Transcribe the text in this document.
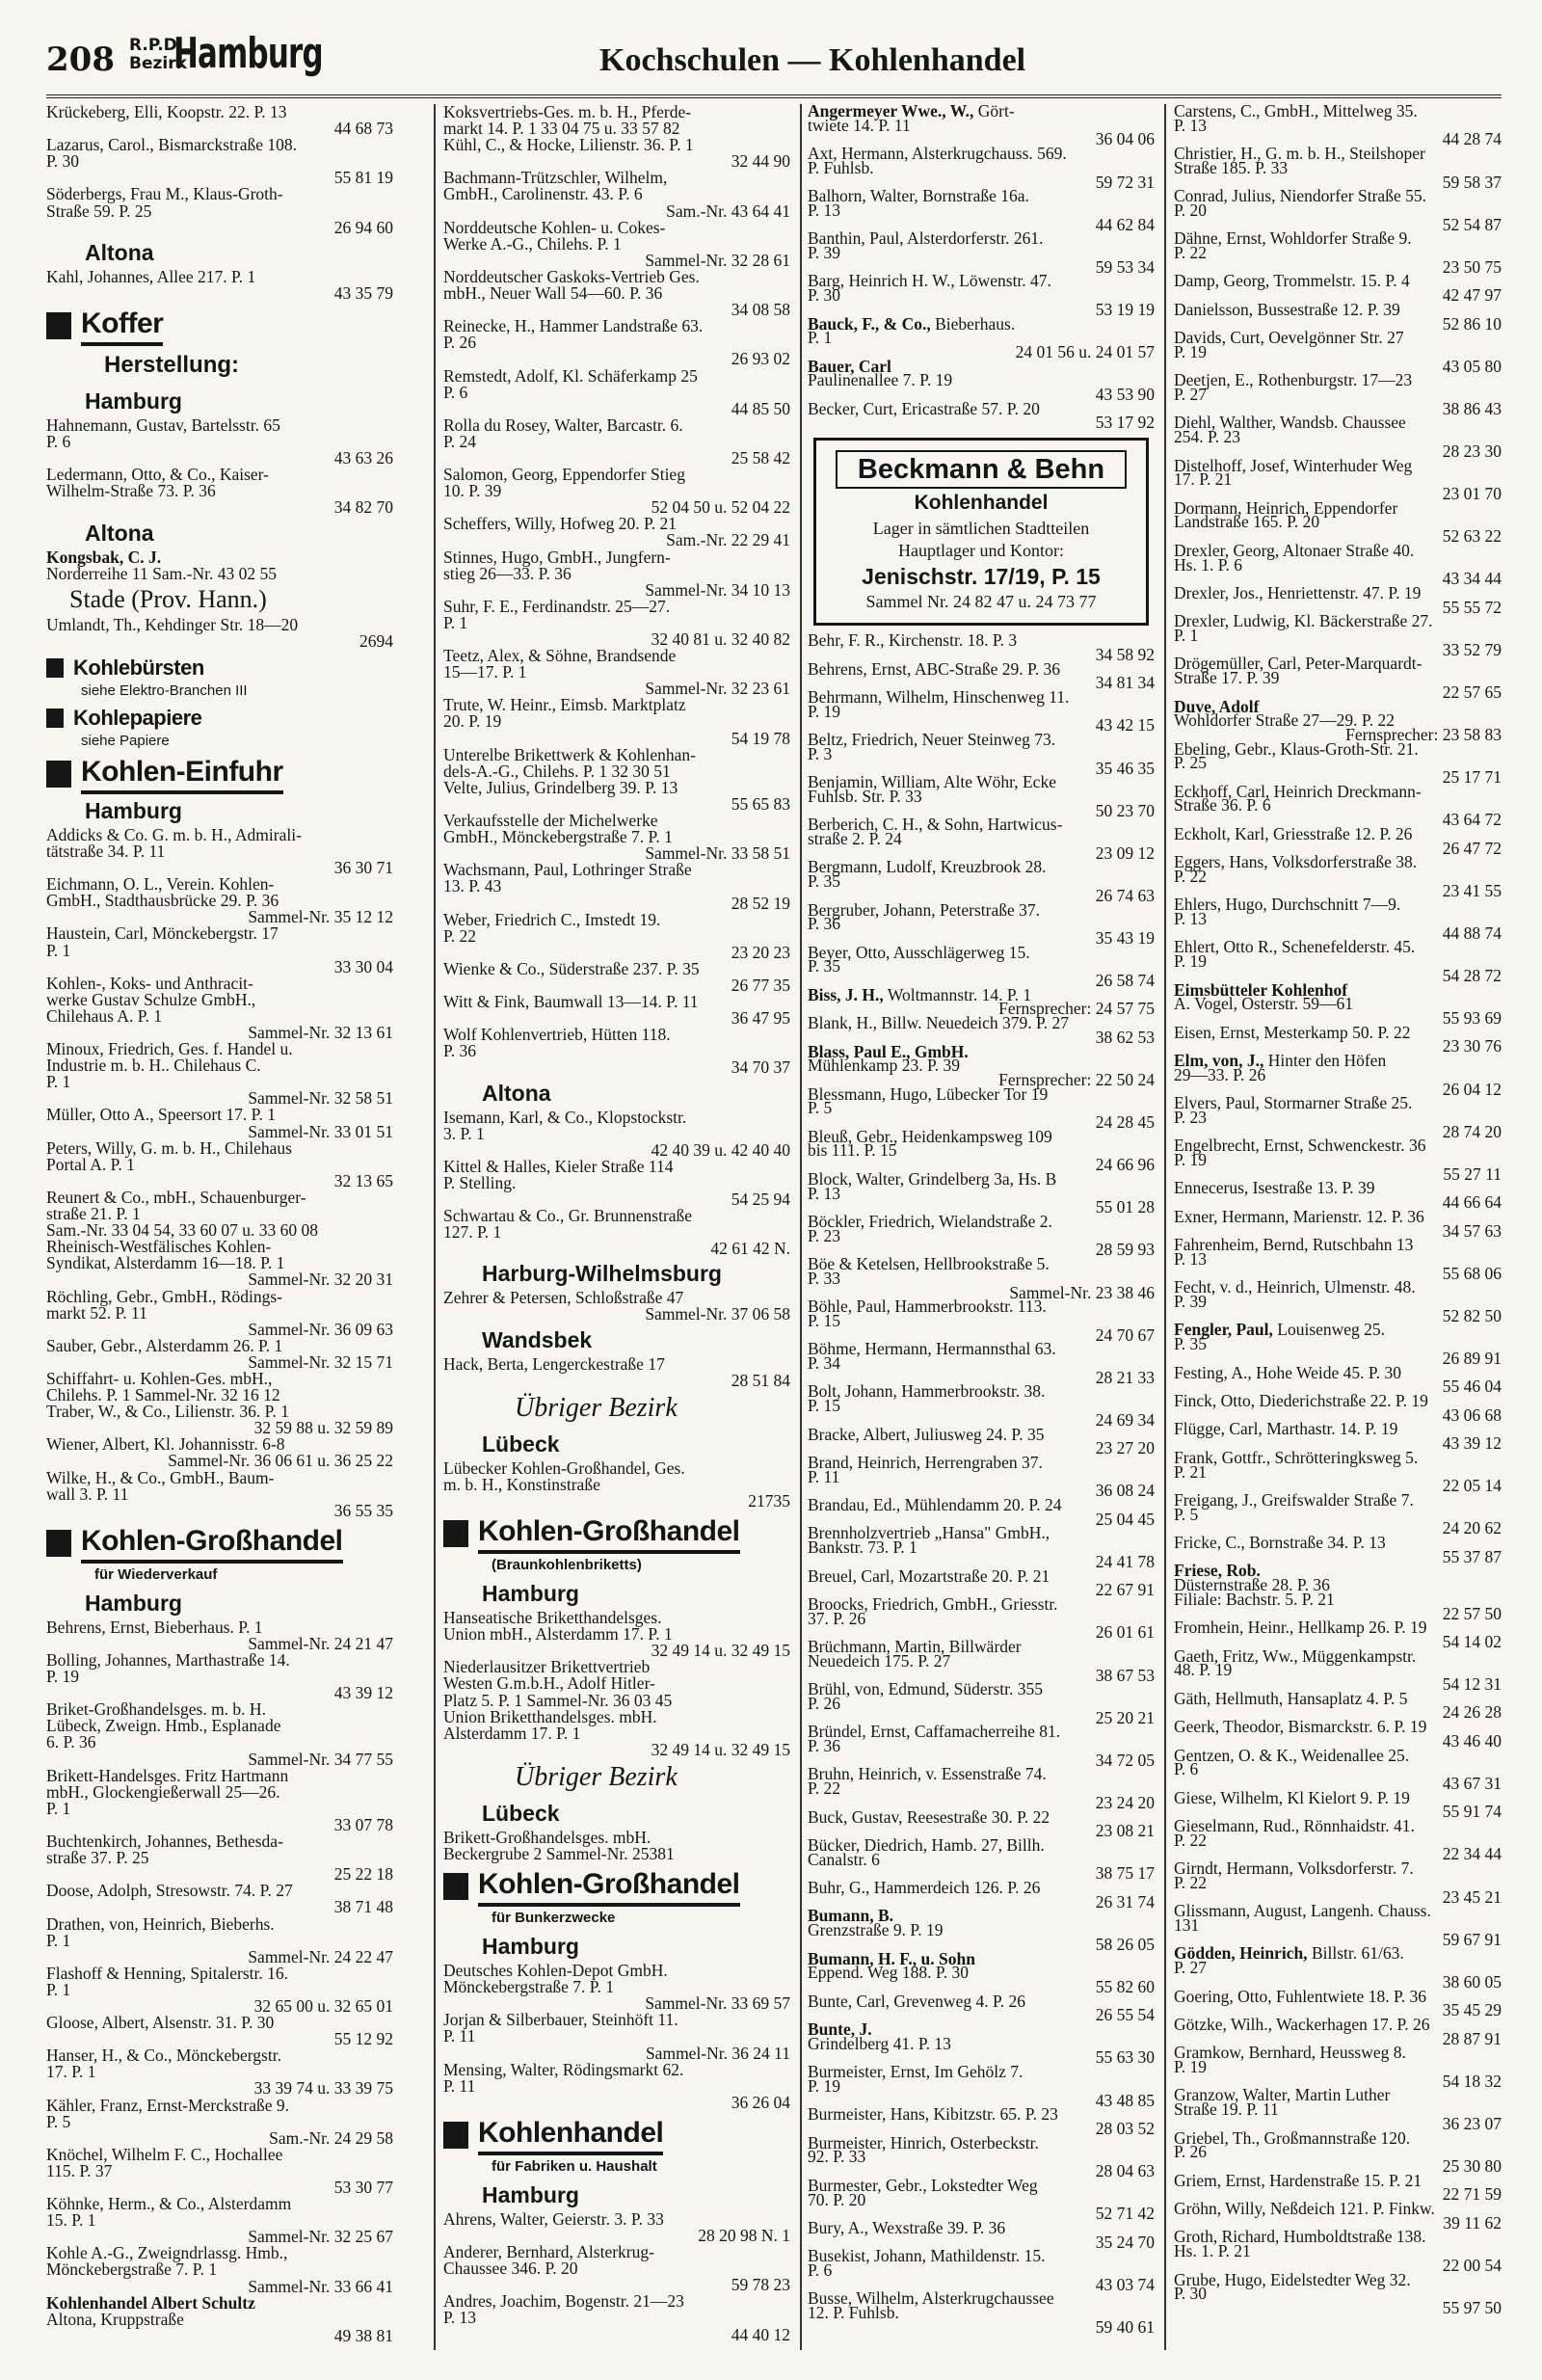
208 R.P.D.
Bezirk
Hamburg	Kochschulen — Kohlenhandel
Krückeberg, Elli, Koopstr. 22. P. 13
44 68 73
Lazarus, Carol., Bismarckstraße 108.
P. 30
55 81 19
Söderbergs, Frau M., Klaus-Groth-
Straße 59. P. 25
26 94 60
Altona
Kahl, Johannes, Allee 217. P. 1
43 35 79
Koffer
Herstellung:
Hamburg
Hahnemann, Gustav, Bartelsstr. 65
P. 6
43 63 26
Ledermann, Otto, & Co., Kaiser-
Wilhelm-Straße 73. P. 36
34 82 70
Altona
Kongsbak, C. J.
Norderreihe 11 Sam.-Nr. 43 02 55
Stade (Prov. Hann.)
Umlandt, Th., Kehdinger Str. 18—20
2694
Kohlebürsten
siehe Elektro-Branchen III
Kohlepapiere
siehe Papiere
Kohlen-Einfuhr
Hamburg
Addicks & Co. G. m. b. H., Admirali-
tätstraße 34. P. 11
36 30 71
Eichmann, O. L., Verein. Kohlen-
GmbH., Stadthausbrücke 29. P. 36
Sammel-Nr. 35 12 12
Haustein, Carl, Mönckebergstr. 17
P. 1
33 30 04
Kohlen-, Koks- und Anthracit-
werke Gustav Schulze GmbH.,
Chilehaus A. P. 1
Sammel-Nr. 32 13 61
Minoux, Friedrich, Ges. f. Handel u.
Industrie m. b. H.. Chilehaus C.
P. 1
Sammel-Nr. 32 58 51
Müller, Otto A., Speersort 17. P. 1
Sammel-Nr. 33 01 51
Peters, Willy, G. m. b. H., Chilehaus
Portal A. P. 1
32 13 65
Reunert & Co., mbH., Schauenburger-
straße 21. P. 1
Sam.-Nr. 33 04 54, 33 60 07 u. 33 60 08
Rheinisch-Westfälisches Kohlen-
Syndikat, Alsterdamm 16—18. P. 1
Sammel-Nr. 32 20 31
Röchling, Gebr., GmbH., Rödings-
markt 52. P. 11
Sammel-Nr. 36 09 63
Sauber, Gebr., Alsterdamm 26. P. 1
Sammel-Nr. 32 15 71
Schiffahrt- u. Kohlen-Ges. mbH.,
Chilehs. P. 1 Sammel-Nr. 32 16 12
Traber, W., & Co., Lilienstr. 36. P. 1
32 59 88 u. 32 59 89
Wiener, Albert, Kl. Johannisstr. 6-8
Sammel-Nr. 36 06 61 u. 36 25 22
Wilke, H., & Co., GmbH., Baum-
wall 3. P. 11
36 55 35
Kohlen-Großhandel
für Wiederverkauf
Hamburg
Behrens, Ernst, Bieberhaus. P. 1
Sammel-Nr. 24 21 47
Bolling, Johannes, Marthastraße 14.
P. 19
43 39 12
Briket-Großhandelsges. m. b. H.
Lübeck, Zweign. Hmb., Esplanade
6. P. 36
Sammel-Nr. 34 77 55
Brikett-Handelsges. Fritz Hartmann
mbH., Glockengießerwall 25—26.
P. 1
33 07 78
Buchtenkirch, Johannes, Bethesda-
straße 37. P. 25
25 22 18
Doose, Adolph, Stresowstr. 74. P. 27
38 71 48
Drathen, von, Heinrich, Bieberhs.
P. 1
Sammel-Nr. 24 22 47
Flashoff & Henning, Spitalerstr. 16.
P. 1
32 65 00 u. 32 65 01
Gloose, Albert, Alsenstr. 31. P. 30
55 12 92
Hanser, H., & Co., Mönckebergstr.
17. P. 1
33 39 74 u. 33 39 75
Kähler, Franz, Ernst-Merckstraße 9.
P. 5
Sam.-Nr. 24 29 58
Knöchel, Wilhelm F. C., Hochallee
115. P. 37
53 30 77
Köhnke, Herm., & Co., Alsterdamm
15. P. 1
Sammel-Nr. 32 25 67
Kohle A.-G., Zweigndrlassg. Hmb.,
Mönckebergstraße 7. P. 1
Sammel-Nr. 33 66 41
Kohlenhandel Albert Schultz
Altona, Kruppstraße
49 38 81
Koksvertriebs-Ges. m. b. H., Pferde-
markt 14. P. 1 33 04 75 u. 33 57 82
Kühl, C., & Hocke, Lilienstr. 36. P. 1
32 44 90
Bachmann-Trützschler, Wilhelm,
GmbH., Carolinenstr. 43. P. 6
Sam.-Nr. 43 64 41
Norddeutsche Kohlen- u. Cokes-
Werke A.-G., Chilehs. P. 1
Sammel-Nr. 32 28 61
Norddeutscher Gaskoks-Vertrieb Ges.
mbH., Neuer Wall 54—60. P. 36
34 08 58
Reinecke, H., Hammer Landstraße 63.
P. 26
26 93 02
Remstedt, Adolf, Kl. Schäferkamp 25
P. 6
44 85 50
Rolla du Rosey, Walter, Barcastr. 6.
P. 24
25 58 42
Salomon, Georg, Eppendorfer Stieg
10. P. 39
52 04 50 u. 52 04 22
Scheffers, Willy, Hofweg 20. P. 21
Sam.-Nr. 22 29 41
Stinnes, Hugo, GmbH., Jungfern-
stieg 26—33. P. 36
Sammel-Nr. 34 10 13
Suhr, F. E., Ferdinandstr. 25—27.
P. 1
32 40 81 u. 32 40 82
Teetz, Alex, & Söhne, Brandsende
15—17. P. 1
Sammel-Nr. 32 23 61
Trute, W. Heinr., Eimsb. Marktplatz
20. P. 19
54 19 78
Unterelbe Brikettwerk & Kohlenhan-
dels-A.-G., Chilehs. P. 1 32 30 51
Velte, Julius, Grindelberg 39. P. 13
55 65 83
Verkaufsstelle der Michelwerke
GmbH., Mönckebergstraße 7. P. 1
Sammel-Nr. 33 58 51
Wachsmann, Paul, Lothringer Straße
13. P. 43
28 52 19
Weber, Friedrich C., Imstedt 19.
P. 22
23 20 23
Wienke & Co., Süderstraße 237. P. 35
26 77 35
Witt & Fink, Baumwall 13—14. P. 11
36 47 95
Wolf Kohlenvertrieb, Hütten 118.
P. 36
34 70 37
Altona
Isemann, Karl, & Co., Klopstockstr.
3. P. 1
42 40 39 u. 42 40 40
Kittel & Halles, Kieler Straße 114
P. Stelling.
54 25 94
Schwartau & Co., Gr. Brunnenstraße
127. P. 1
42 61 42 N.
Harburg-Wilhelmsburg
Zehrer & Petersen, Schloßstraße 47
Sammel-Nr. 37 06 58
Wandsbek
Hack, Berta, Lengerckestraße 17
28 51 84
Übriger Bezirk
Lübeck
Lübecker Kohlen-Großhandel, Ges.
m. b. H., Konstinstraße
21735
Kohlen-Großhandel
(Braunkohlenbriketts)
Hamburg
Hanseatische Briketthandelsges.
Union mbH., Alsterdamm 17. P. 1
32 49 14 u. 32 49 15
Niederlausitzer Brikettvertrieb
Westen G.m.b.H., Adolf Hitler-
Platz 5. P. 1 Sammel-Nr. 36 03 45
Union Briketthandelsges. mbH.
Alsterdamm 17. P. 1
32 49 14 u. 32 49 15
Übriger Bezirk
Lübeck
Brikett-Großhandelsges. mbH.
Beckergrube 2 Sammel-Nr. 25381
Kohlen-Großhandel
für Bunkerzwecke
Hamburg
Deutsches Kohlen-Depot GmbH.
Mönckebergstraße 7. P. 1
Sammel-Nr. 33 69 57
Jorjan & Silberbauer, Steinhöft 11.
P. 11
Sammel-Nr. 36 24 11
Mensing, Walter, Rödingsmarkt 62.
P. 11
36 26 04
Kohlenhandel
für Fabriken u. Haushalt
Hamburg
Ahrens, Walter, Geierstr. 3. P. 33
28 20 98 N. 1
Anderer, Bernhard, Alsterkrug-
Chaussee 346. P. 20
59 78 23
Andres, Joachim, Bogenstr. 21—23
P. 13
44 40 12
Angermeyer Wwe., W., Gört-
twiete 14. P. 11
36 04 06
Axt, Hermann, Alsterkrugchauss. 569.
P. Fuhlsb.
59 72 31
Balhorn, Walter, Bornstraße 16a.
P. 13
44 62 84
Banthin, Paul, Alsterdorferstr. 261.
P. 39
59 53 34
Barg, Heinrich H. W., Löwenstr. 47.
P. 30
53 19 19
Bauck, F., & Co., Bieberhaus.
P. 1
24 01 56 u. 24 01 57
Bauer, Carl
Paulinenallee 7. P. 19
43 53 90
Becker, Curt, Ericastraße 57. P. 20
53 17 92
Beckmann & Behn
Kohlenhandel
Lager in sämtlichen Stadtteilen
Hauptlager und Kontor:
Jenischstr. 17/19, P. 15
Sammel Nr. 24 82 47 u. 24 73 77
Behr, F. R., Kirchenstr. 18. P. 3
34 58 92
Behrens, Ernst, ABC-Straße 29. P. 36
34 81 34
Behrmann, Wilhelm, Hinschenweg 11.
P. 19
43 42 15
Beltz, Friedrich, Neuer Steinweg 73.
P. 3
35 46 35
Benjamin, William, Alte Wöhr, Ecke
Fuhlsb. Str. P. 33
50 23 70
Berberich, C. H., & Sohn, Hartwicus-
straße 2. P. 24
23 09 12
Bergmann, Ludolf, Kreuzbrook 28.
P. 35
26 74 63
Bergruber, Johann, Peterstraße 37.
P. 36
35 43 19
Beyer, Otto, Ausschlägerweg 15.
P. 35
26 58 74
Biss, J. H., Woltmannstr. 14. P. 1
Fernsprecher: 24 57 75
Blank, H., Billw. Neuedeich 379. P. 27
38 62 53
Blass, Paul E., GmbH.
Mühlenkamp 23. P. 39
Fernsprecher: 22 50 24
Blessmann, Hugo, Lübecker Tor 19
P. 5
24 28 45
Bleuß, Gebr., Heidenkampsweg 109
bis 111. P. 15
24 66 96
Block, Walter, Grindelberg 3a, Hs. B
P. 13
55 01 28
Böckler, Friedrich, Wielandstraße 2.
P. 23
28 59 93
Böe & Ketelsen, Hellbrookstraße 5.
P. 33
Sammel-Nr. 23 38 46
Böhle, Paul, Hammerbrookstr. 113.
P. 15
24 70 67
Böhme, Hermann, Hermannsthal 63.
P. 34
28 21 33
Bolt, Johann, Hammerbrookstr. 38.
P. 15
24 69 34
Bracke, Albert, Juliusweg 24. P. 35
23 27 20
Brand, Heinrich, Herrengraben 37.
P. 11
36 08 24
Brandau, Ed., Mühlendamm 20. P. 24
25 04 45
Brennholzvertrieb „Hansa" GmbH.,
Bankstr. 73. P. 1
24 41 78
Breuel, Carl, Mozartstraße 20. P. 21
22 67 91
Broocks, Friedrich, GmbH., Griesstr.
37. P. 26
26 01 61
Brüchmann, Martin, Billwärder
Neuedeich 175. P. 27
38 67 53
Brühl, von, Edmund, Süderstr. 355
P. 26
25 20 21
Bründel, Ernst, Caffamacherreihe 81.
P. 36
34 72 05
Bruhn, Heinrich, v. Essenstraße 74.
P. 22
23 24 20
Buck, Gustav, Reesestraße 30. P. 22
23 08 21
Bücker, Diedrich, Hamb. 27, Billh.
Canalstr. 6
38 75 17
Buhr, G., Hammerdeich 126. P. 26
26 31 74
Bumann, B.
Grenzstraße 9. P. 19
58 26 05
Bumann, H. F., u. Sohn
Eppend. Weg 188. P. 30
55 82 60
Bunte, Carl, Grevenweg 4. P. 26
26 55 54
Bunte, J.
Grindelberg 41. P. 13
55 63 30
Burmeister, Ernst, Im Gehölz 7.
P. 19
43 48 85
Burmeister, Hans, Kibitzstr. 65. P. 23
28 03 52
Burmeister, Hinrich, Osterbeckstr.
92. P. 33
28 04 63
Burmester, Gebr., Lokstedter Weg
70. P. 20
52 71 42
Bury, A., Wexstraße 39. P. 36
35 24 70
Busekist, Johann, Mathildenstr. 15.
P. 6
43 03 74
Busse, Wilhelm, Alsterkrugchaussee
12. P. Fuhlsb.
59 40 61
Carstens, C., GmbH., Mittelweg 35.
P. 13
44 28 74
Christier, H., G. m. b. H., Steilshoper
Straße 185. P. 33
59 58 37
Conrad, Julius, Niendorfer Straße 55.
P. 20
52 54 87
Dähne, Ernst, Wohldorfer Straße 9.
P. 22
23 50 75
Damp, Georg, Trommelstr. 15. P. 4
42 47 97
Danielsson, Bussestraße 12. P. 39
52 86 10
Davids, Curt, Oevelgönner Str. 27
P. 19
43 05 80
Deetjen, E., Rothenburgstr. 17—23
P. 27
38 86 43
Diehl, Walther, Wandsb. Chaussee
254. P. 23
28 23 30
Distelhoff, Josef, Winterhuder Weg
17. P. 21
23 01 70
Dormann, Heinrich, Eppendorfer
Landstraße 165. P. 20
52 63 22
Drexler, Georg, Altonaer Straße 40.
Hs. 1. P. 6
43 34 44
Drexler, Jos., Henriettenstr. 47. P. 19
55 55 72
Drexler, Ludwig, Kl. Bäckerstraße 27.
P. 1
33 52 79
Drögemüller, Carl, Peter-Marquardt-
Straße 17. P. 39
22 57 65
Duve, Adolf
Wohldorfer Straße 27—29. P. 22
Fernsprecher: 23 58 83
Ebeling, Gebr., Klaus-Groth-Str. 21.
P. 25
25 17 71
Eckhoff, Carl, Heinrich Dreckmann-
Straße 36. P. 6
43 64 72
Eckholt, Karl, Griesstraße 12. P. 26
26 47 72
Eggers, Hans, Volksdorferstraße 38.
P. 22
23 41 55
Ehlers, Hugo, Durchschnitt 7—9.
P. 13
44 88 74
Ehlert, Otto R., Schenefelderstr. 45.
P. 19
54 28 72
Eimsbütteler Kohlenhof
A. Vogel, Osterstr. 59—61
55 93 69
Eisen, Ernst, Mesterkamp 50. P. 22
23 30 76
Elm, von, J., Hinter den Höfen
29—33. P. 26
26 04 12
Elvers, Paul, Stormarner Straße 25.
P. 23
28 74 20
Engelbrecht, Ernst, Schwenckestr. 36
P. 19
55 27 11
Ennecerus, Isestraße 13. P. 39
44 66 64
Exner, Hermann, Marienstr. 12. P. 36
34 57 63
Fahrenheim, Bernd, Rutschbahn 13
P. 13
55 68 06
Fecht, v. d., Heinrich, Ulmenstr. 48.
P. 39
52 82 50
Fengler, Paul, Louisenweg 25.
P. 35
26 89 91
Festing, A., Hohe Weide 45. P. 30
55 46 04
Finck, Otto, Diederichstraße 22. P. 19
43 06 68
Flügge, Carl, Marthastr. 14. P. 19
43 39 12
Frank, Gottfr., Schrötteringksweg 5.
P. 21
22 05 14
Freigang, J., Greifswalder Straße 7.
P. 5
24 20 62
Fricke, C., Bornstraße 34. P. 13
55 37 87
Friese, Rob.
Düsternstraße 28. P. 36
Filiale: Bachstr. 5. P. 21
22 57 50
Fromhein, Heinr., Hellkamp 26. P. 19
54 14 02
Gaeth, Fritz, Ww., Müggenkampstr.
48. P. 19
54 12 31
Gäth, Hellmuth, Hansaplatz 4. P. 5
24 26 28
Geerk, Theodor, Bismarckstr. 6. P. 19
43 46 40
Gentzen, O. & K., Weidenallee 25.
P. 6
43 67 31
Giese, Wilhelm, Kl Kielort 9. P. 19
55 91 74
Gieselmann, Rud., Rönnhaidstr. 41.
P. 22
22 34 44
Girndt, Hermann, Volksdorferstr. 7.
P. 22
23 45 21
Glissmann, August, Langenh. Chauss.
131
59 67 91
Gödden, Heinrich, Billstr. 61/63.
P. 27
38 60 05
Goering, Otto, Fuhlentwiete 18. P. 36
35 45 29
Götzke, Wilh., Wackerhagen 17. P. 26
28 87 91
Gramkow, Bernhard, Heussweg 8.
P. 19
54 18 32
Granzow, Walter, Martin Luther
Straße 19. P. 11
36 23 07
Griebel, Th., Großmannstraße 120.
P. 26
25 30 80
Griem, Ernst, Hardenstraße 15. P. 21
22 71 59
Gröhn, Willy, Neßdeich 121. P. Finkw.
39 11 62
Groth, Richard, Humboldtstraße 138.
Hs. 1. P. 21
22 00 54
Grube, Hugo, Eidelstedter Weg 32.
P. 30
55 97 50
